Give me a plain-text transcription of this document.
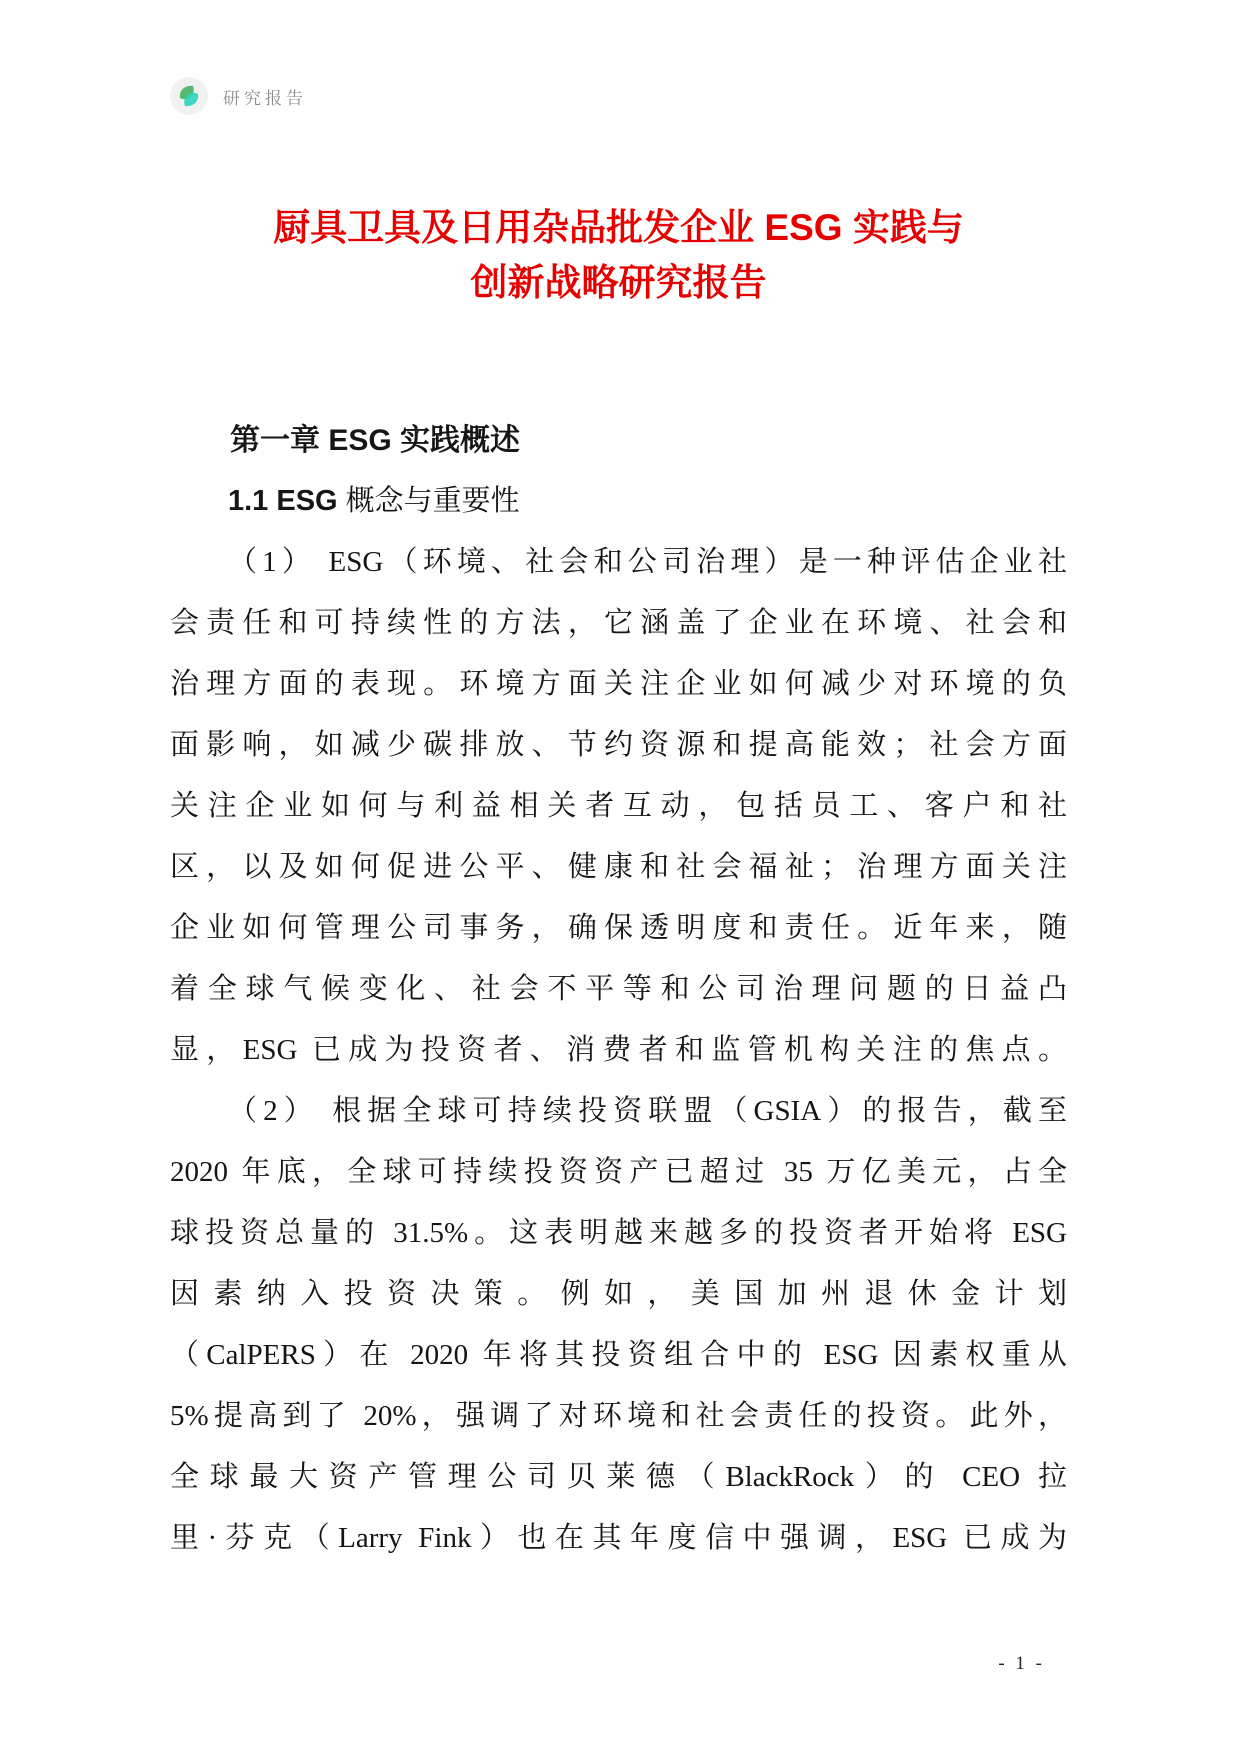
研究报告
厨具卫具及日用杂品批发企业 ESG 实践与
创新战略研究报告
第一章 ESG 实践概述
1.1 ESG 概念与重要性
（1） ESG（环境、社会和公司治理）是一种评估企业社
会责任和可持续性的方法，它涵盖了企业在环境、社会和
治理方面的表现。环境方面关注企业如何减少对环境的负
面影响，如减少碳排放、节约资源和提高能效；社会方面
关注企业如何与利益相关者互动，包括员工、客户和社
区，以及如何促进公平、健康和社会福祉；治理方面关注
企业如何管理公司事务，确保透明度和责任。近年来，随
着全球气候变化、社会不平等和公司治理问题的日益凸
显，ESG 已成为投资者、消费者和监管机构关注的焦点。
（2） 根据全球可持续投资联盟（GSIA）的报告，截至
2020 年底，全球可持续投资资产已超过 35 万亿美元，占全
球投资总量的 31.5%。这表明越来越多的投资者开始将 ESG
因素纳入投资决策。例如，美国加州退休金计划
（CalPERS）在 2020 年将其投资组合中的 ESG 因素权重从
5%提高到了 20%，强调了对环境和社会责任的投资。此外，
全球最大资产管理公司贝莱德（BlackRock）的 CEO 拉
里·芬克（Larry Fink）也在其年度信中强调，ESG 已成为
- 1 -
